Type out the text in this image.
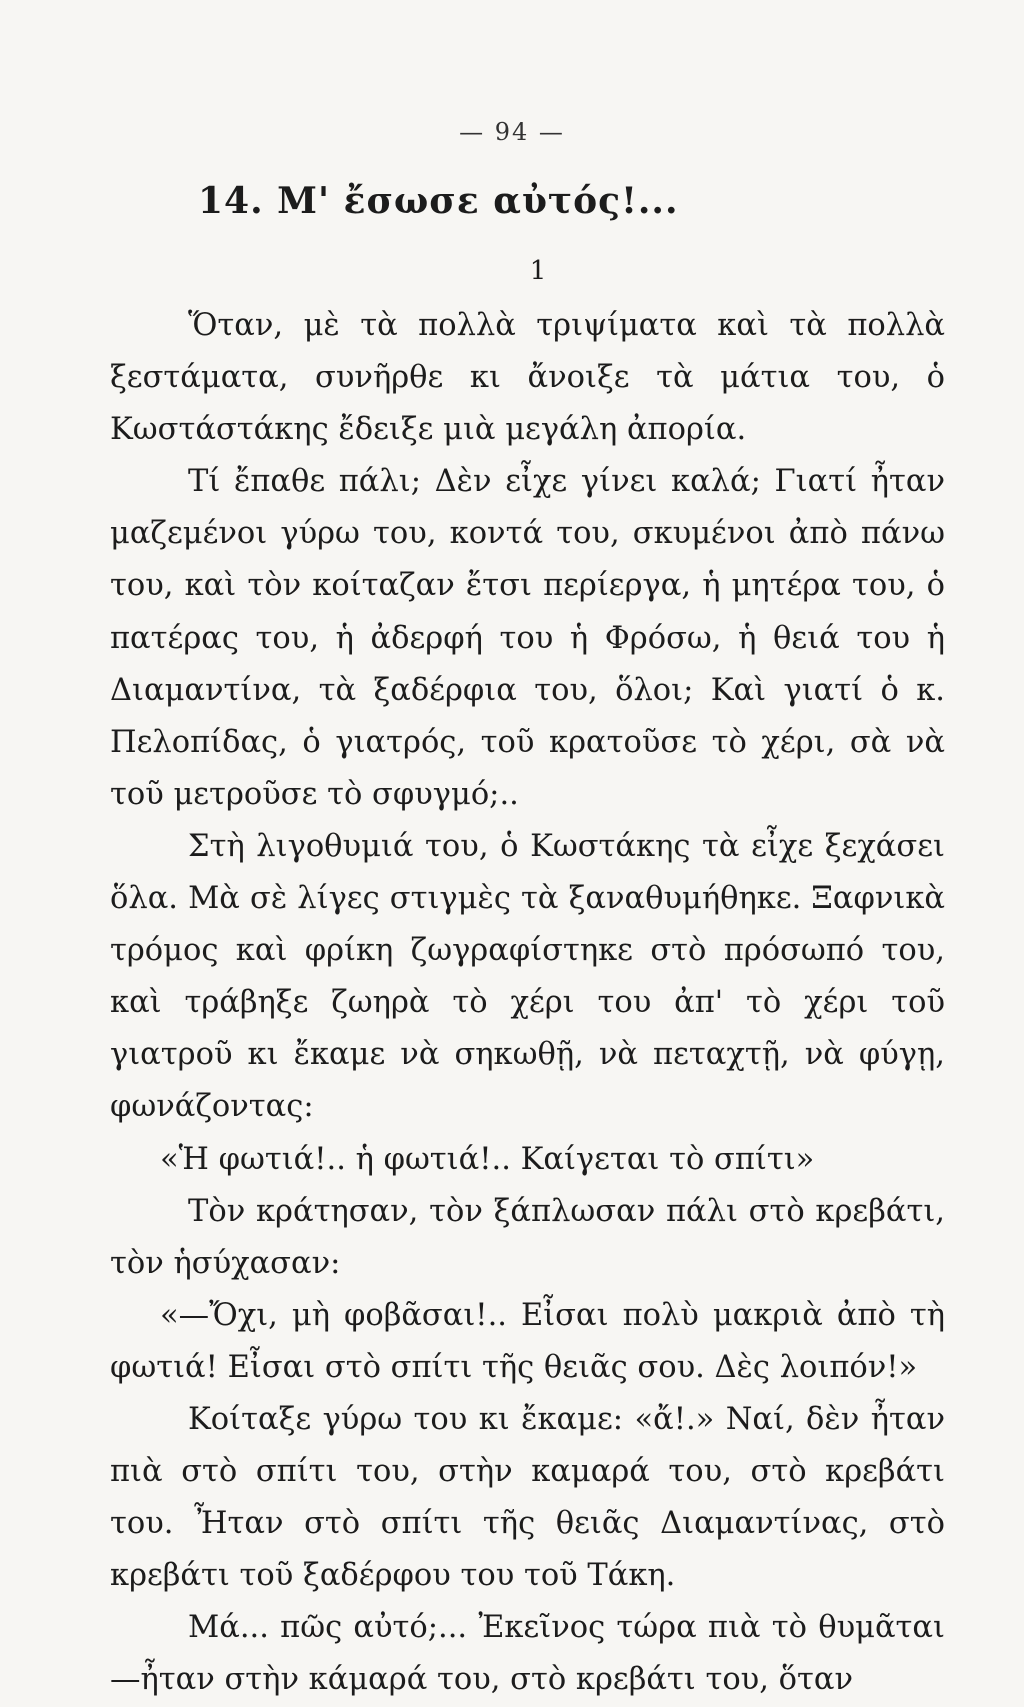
— 94 —
14. Μ' ἔσωσε αὐτός!...
1

Ὅταν, μὲ τὰ πολλὰ τριψίματα καὶ τὰ πολλὰ ξεστάματα, συνῆρθε κι ἄνοιξε τὰ μάτια του, ὁ Κωστάστάκης ἔδειξε μιὰ μεγάλη ἀπορία.

Τί ἔπαθε πάλι; Δὲν εἶχε γίνει καλά; Γιατί ἦταν μαζεμένοι γύρω του, κοντά του, σκυμένοι ἀπὸ πάνω του, καὶ τὸν κοίταζαν ἔτσι περίεργα, ἡ μητέρα του, ὁ πατέρας του, ἡ ἀδερφή του ἡ Φρόσω, ἡ θειά του ἡ Διαμαντίνα, τὰ ξαδέρφια του, ὅλοι; Καὶ γιατί ὁ κ. Πελοπίδας, ὁ γιατρός, τοῦ κρατοῦσε τὸ χέρι, σὰ νὰ τοῦ μετροῦσε τὸ σφυγμό;..

Στὴ λιγοθυμιά του, ὁ Κωστάκης τὰ εἶχε ξεχάσει ὅλα. Μὰ σὲ λίγες στιγμὲς τὰ ξαναθυμήθηκε. Ξαφνικὰ τρόμος καὶ φρίκη ζωγραφίστηκε στὸ πρόσωπό του, καὶ τράβηξε ζωηρὰ τὸ χέρι του ἀπ' τὸ χέρι τοῦ γιατροῦ κι ἔκαμε νὰ σηκωθῇ, νὰ πεταχτῇ, νὰ φύγῃ, φωνάζοντας:

«Ἡ φωτιά!.. ἡ φωτιά!.. Καίγεται τὸ σπίτι»

Τὸν κράτησαν, τὸν ξάπλωσαν πάλι στὸ κρεβάτι, τὸν ἡσύχασαν:

«—Ὄχι, μὴ φοβᾶσαι!.. Εἶσαι πολὺ μακριὰ ἀπὸ τὴ φωτιά! Εἶσαι στὸ σπίτι τῆς θειᾶς σου. Δὲς λοιπόν!»

Κοίταξε γύρω του κι ἔκαμε: «ἄ!.» Ναί, δὲν ἦταν πιὰ στὸ σπίτι του, στὴν καμαρά του, στὸ κρεβάτι του. Ἦταν στὸ σπίτι τῆς θειᾶς Διαμαντίνας, στὸ κρεβάτι τοῦ ξαδέρφου του τοῦ Τάκη.

Μά... πῶς αὐτό;... Ἐκεῖνος τώρα πιὰ τὸ θυμᾶται—ἦταν στὴν κάμαρά του, στὸ κρεβάτι του, ὅταν
